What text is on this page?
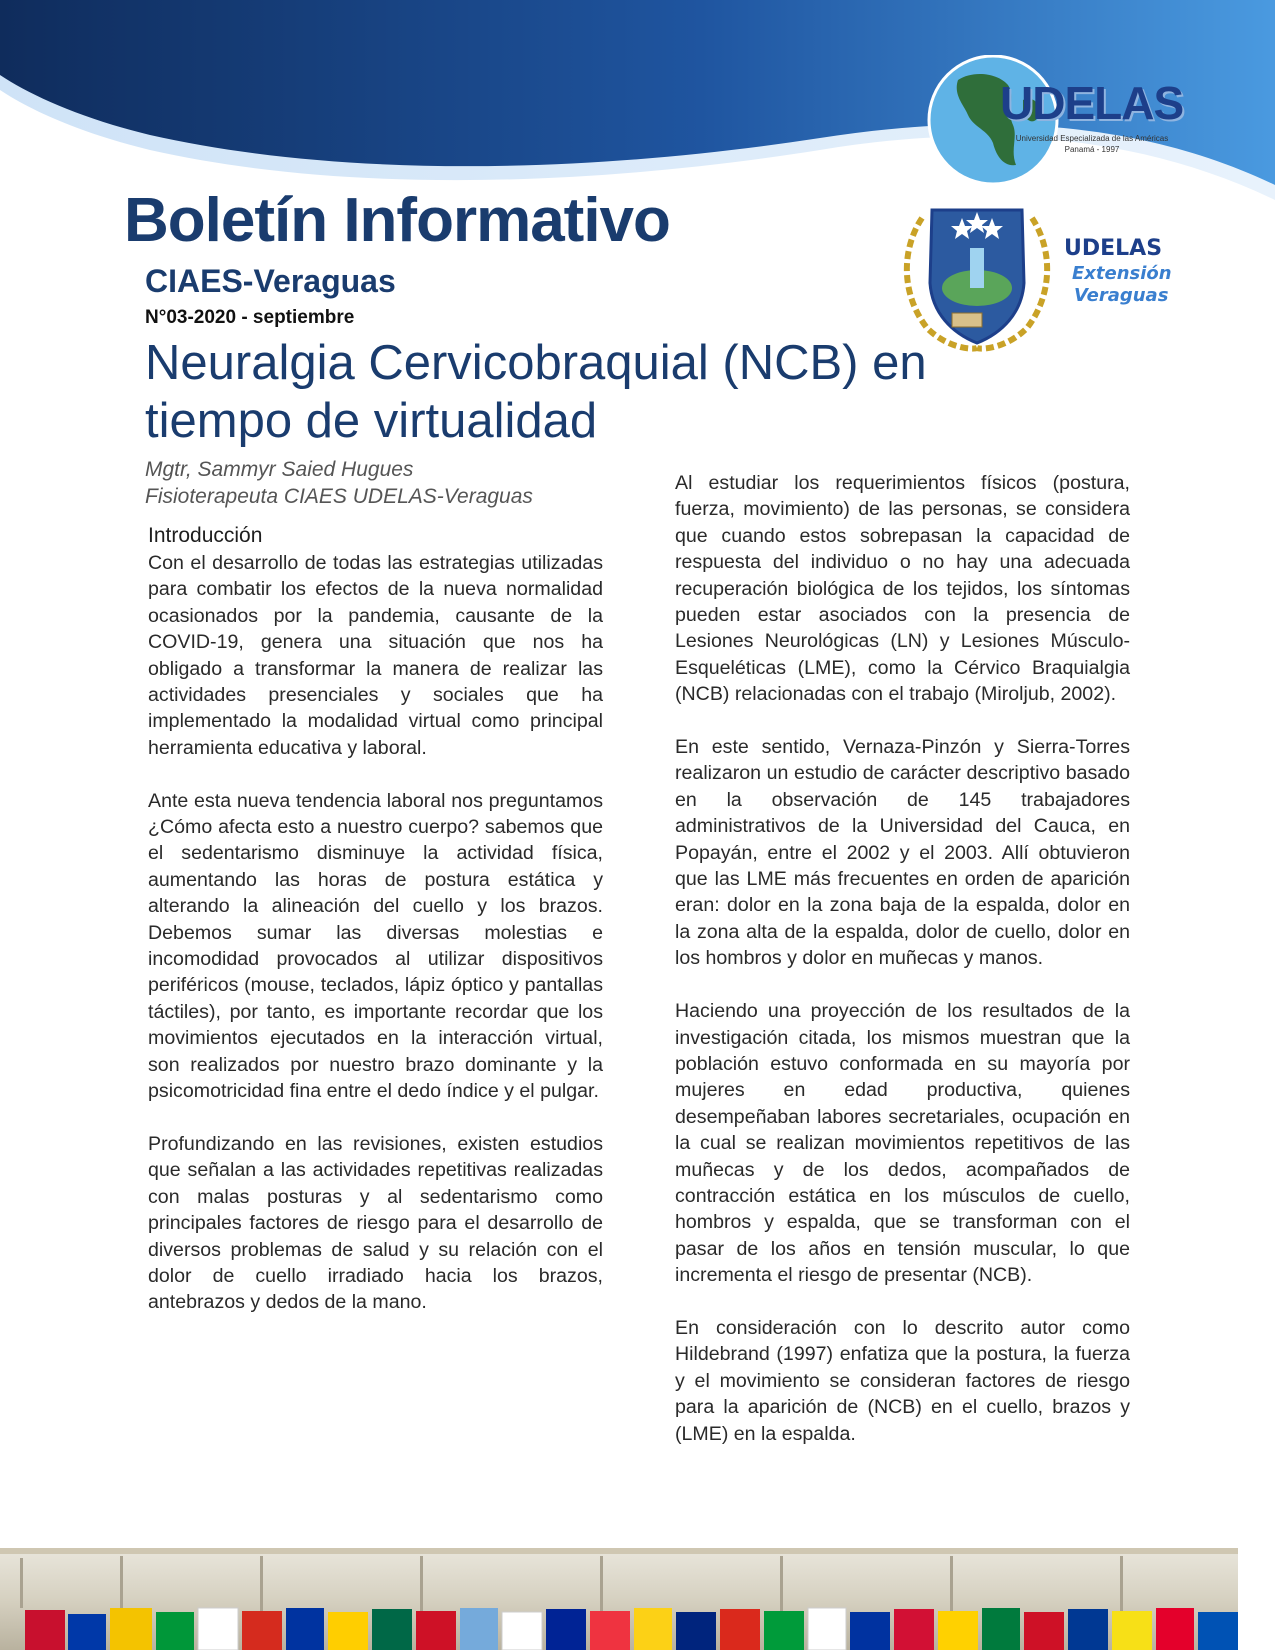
UDELAS
Universidad Especializada de las Américas
Panamá - 1997
UDELAS
Extensión
Veraguas
Boletín Informativo
CIAES-Veraguas
N°03-2020 - septiembre
Neuralgia Cervicobraquial (NCB) en tiempo de virtualidad
Mgtr, Sammyr Saied Hugues
Fisioterapeuta CIAES UDELAS-Veraguas
Introducción

Con el desarrollo de todas las estrategias utilizadas para combatir los efectos de la nueva normalidad ocasionados por la pandemia, causante de la COVID-19, genera una situación que nos ha obligado a transformar la manera de realizar las actividades presenciales y sociales que ha implementado la modalidad virtual como principal herramienta educativa y laboral.

Ante esta nueva tendencia laboral nos preguntamos ¿Cómo afecta esto a nuestro cuerpo? sabemos que el sedentarismo disminuye la actividad física, aumentando las horas de postura estática y alterando la alineación del cuello y los brazos. Debemos sumar las diversas molestias e incomodidad provocados al utilizar dispositivos periféricos (mouse, teclados, lápiz óptico y pantallas táctiles), por tanto, es importante recordar que los movimientos ejecutados en la interacción virtual, son realizados por nuestro brazo dominante y la psicomotricidad fina entre el dedo índice y el pulgar.

Profundizando en las revisiones, existen estudios que señalan a las actividades repetitivas realizadas con malas posturas y al sedentarismo como principales factores de riesgo para el desarrollo de diversos problemas de salud y su relación con el dolor de cuello irradiado hacia los brazos, antebrazos y dedos de la mano.

Al estudiar los requerimientos físicos (postura, fuerza, movimiento) de las personas, se considera que cuando estos sobrepasan la capacidad de respuesta del individuo o no hay una adecuada recuperación biológica de los tejidos, los síntomas pueden estar asociados con la presencia de Lesiones Neurológicas (LN) y Lesiones Músculo-Esqueléticas (LME), como la Cérvico Braquialgia (NCB) relacionadas con el trabajo (Miroljub, 2002).

En este sentido, Vernaza-Pinzón y Sierra-Torres realizaron un estudio de carácter descriptivo basado en la observación de 145 trabajadores administrativos de la Universidad del Cauca, en Popayán, entre el 2002 y el 2003. Allí obtuvieron que las LME más frecuentes en orden de aparición eran: dolor en la zona baja de la espalda, dolor en la zona alta de la espalda, dolor de cuello, dolor en los hombros y dolor en muñecas y manos.

Haciendo una proyección de los resultados de la investigación citada, los mismos muestran que la población estuvo conformada en su mayoría por mujeres en edad productiva, quienes desempeñaban labores secretariales, ocupación en la cual se realizan movimientos repetitivos de las muñecas y de los dedos, acompañados de contracción estática en los músculos de cuello, hombros y espalda, que se transforman con el pasar de los años en tensión muscular, lo que incrementa el riesgo de presentar (NCB).

En consideración con lo descrito autor como Hildebrand (1997) enfatiza que la postura, la fuerza y el movimiento se consideran factores de riesgo para la aparición de (NCB) en el cuello, brazos y (LME) en la espalda.
